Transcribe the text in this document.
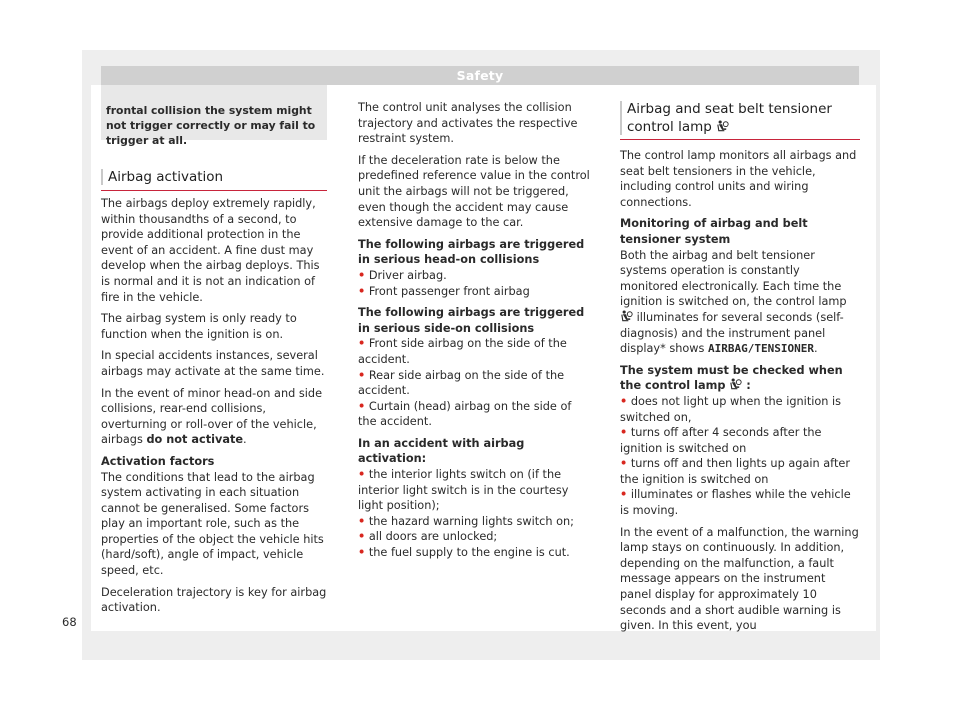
Safety

frontal collision the system might not trigger correctly or may fail to trigger at all.

Airbag activation

The airbags deploy extremely rapidly, within thousandths of a second, to provide additional protection in the event of an accident. A fine dust may develop when the airbag deploys. This is normal and it is not an indication of fire in the vehicle.

The airbag system is only ready to function when the ignition is on.

In special accidents instances, several airbags may activate at the same time.

In the event of minor head-on and side collisions, rear-end collisions, overturning or roll-over of the vehicle, airbags do not activate.

Activation factors

The conditions that lead to the airbag system activating in each situation cannot be generalised. Some factors play an important role, such as the properties of the object the vehicle hits (hard/soft), angle of impact, vehicle speed, etc.

Deceleration trajectory is key for airbag activation.

The control unit analyses the collision trajectory and activates the respective restraint system.

If the deceleration rate is below the predefined reference value in the control unit the airbags will not be triggered, even though the accident may cause extensive damage to the car.

The following airbags are triggered in serious head-on collisions

• Driver airbag.
• Front passenger front airbag

The following airbags are triggered in serious side-on collisions

• Front side airbag on the side of the accident.
• Rear side airbag on the side of the accident.
• Curtain (head) airbag on the side of the accident.

In an accident with airbag activation:

• the interior lights switch on (if the interior light switch is in the courtesy light position);
• the hazard warning lights switch on;
• all doors are unlocked;
• the fuel supply to the engine is cut.
Airbag and seat belt tensioner control lamp

The control lamp monitors all airbags and seat belt tensioners in the vehicle, including control units and wiring connections.

Monitoring of airbag and belt tensioner system

Both the airbag and belt tensioner systems operation is constantly monitored electronically. Each time the ignition is switched on, the control lamp  illuminates for several seconds (self-diagnosis) and the instrument panel display* shows AIRBAG/TENSIONER.

The system must be checked when the control lamp  :

• does not light up when the ignition is switched on,
• turns off after 4 seconds after the ignition is switched on
• turns off and then lights up again after the ignition is switched on
• illuminates or flashes while the vehicle is moving.

In the event of a malfunction, the warning lamp stays on continuously. In addition, depending on the malfunction, a fault message appears on the instrument panel display for approximately 10 seconds and a short audible warning is given. In this event, you

68
